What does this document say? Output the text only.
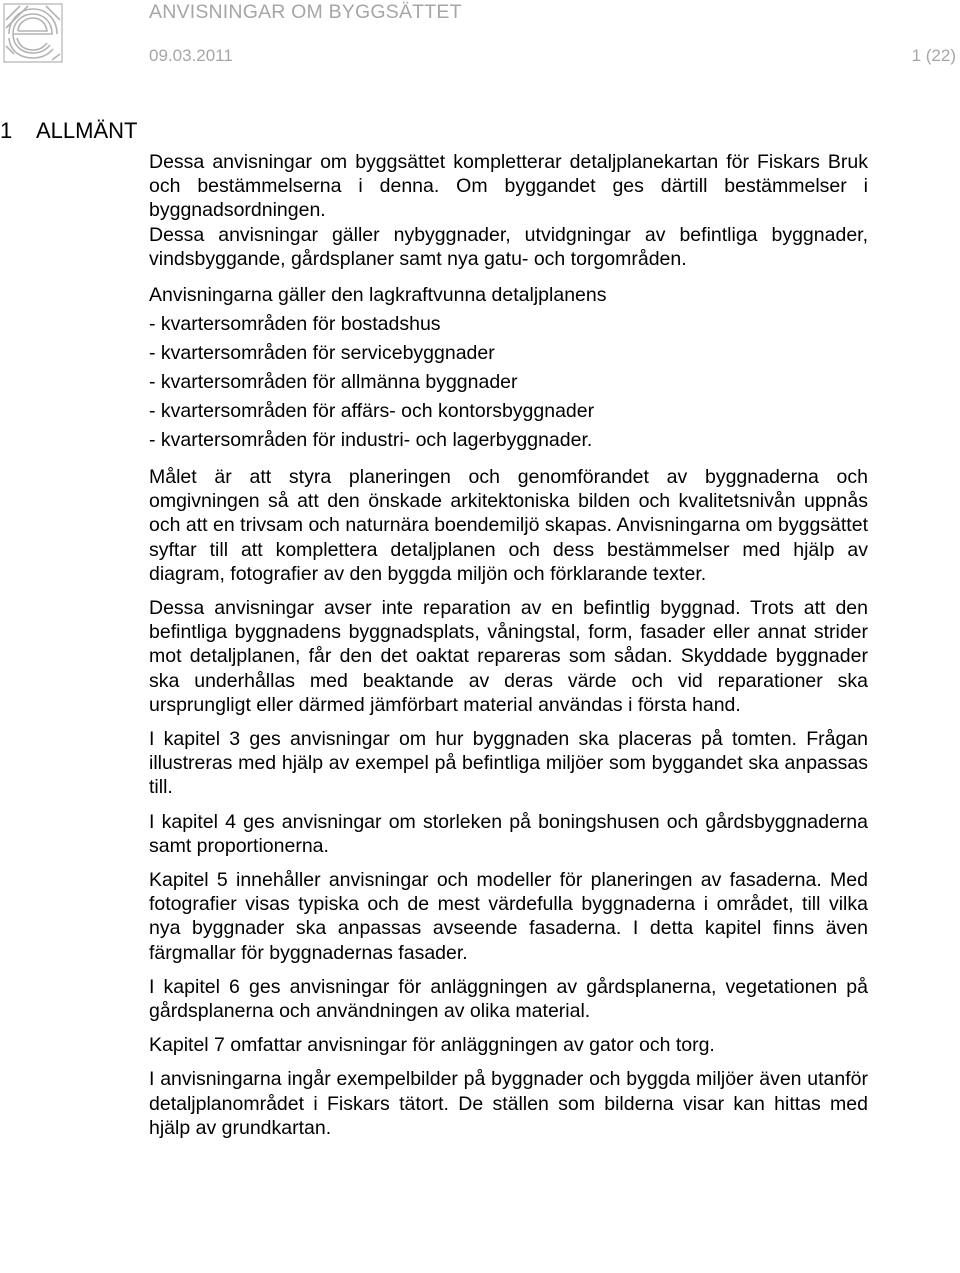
ANVISNINGAR OM BYGGSÄTTET
09.03.2011	1 (22)
1 ALLMÄNT

Dessa anvisningar om byggsättet kompletterar detaljplanekartan för Fiskars Bruk och bestämmelserna i denna. Om byggandet ges därtill bestämmelser i byggnadsordningen.

Dessa anvisningar gäller nybyggnader, utvidgningar av befintliga byggnader, vindsbyggande, gårdsplaner samt nya gatu- och torgområden.

Anvisningarna gäller den lagkraftvunna detaljplanens

- kvartersområden för bostadshus
- kvartersområden för servicebyggnader
- kvartersområden för allmänna byggnader
- kvartersområden för affärs- och kontorsbyggnader
- kvartersområden för industri- och lagerbyggnader.

Målet är att styra planeringen och genomförandet av byggnaderna och omgivningen så att den önskade arkitektoniska bilden och kvalitetsnivån uppnås och att en trivsam och naturnära boendemiljö skapas. Anvisningarna om byggsättet syftar till att komplettera detaljplanen och dess bestämmelser med hjälp av diagram, fotografier av den byggda miljön och förklarande texter.

Dessa anvisningar avser inte reparation av en befintlig byggnad. Trots att den befintliga byggnadens byggnadsplats, våningstal, form, fasader eller annat strider mot detaljplanen, får den det oaktat repareras som sådan. Skyddade byggnader ska underhållas med beaktande av deras värde och vid reparationer ska ursprungligt eller därmed jämförbart material användas i första hand.

I kapitel 3 ges anvisningar om hur byggnaden ska placeras på tomten. Frågan illustreras med hjälp av exempel på befintliga miljöer som byggandet ska anpassas till.

I kapitel 4 ges anvisningar om storleken på boningshusen och gårdsbyggnaderna samt proportionerna.

Kapitel 5 innehåller anvisningar och modeller för planeringen av fasaderna. Med fotografier visas typiska och de mest värdefulla byggnaderna i området, till vilka nya byggnader ska anpassas avseende fasaderna. I detta kapitel finns även färgmallar för byggnadernas fasader.

I kapitel 6 ges anvisningar för anläggningen av gårdsplanerna, vegetationen på gårdsplanerna och användningen av olika material.

Kapitel 7 omfattar anvisningar för anläggningen av gator och torg.

I anvisningarna ingår exempelbilder på byggnader och byggda miljöer även utanför detaljplanområdet i Fiskars tätort. De ställen som bilderna visar kan hittas med hjälp av grundkartan.
